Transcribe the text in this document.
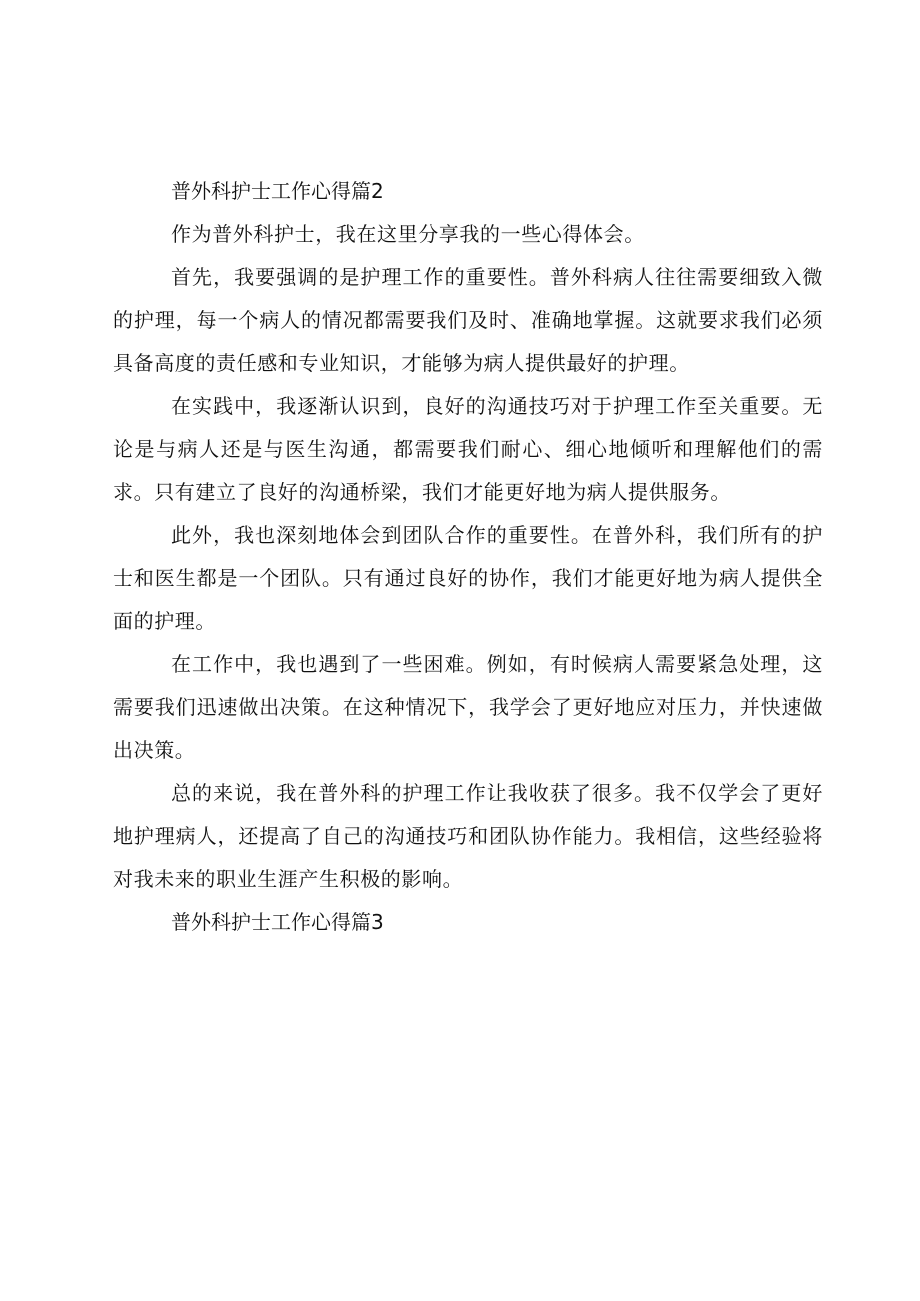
普外科护士工作心得篇2

作为普外科护士，我在这里分享我的一些心得体会。

首先，我要强调的是护理工作的重要性。普外科病人往往需要细致入微的护理，每一个病人的情况都需要我们及时、准确地掌握。这就要求我们必须具备高度的责任感和专业知识，才能够为病人提供最好的护理。

在实践中，我逐渐认识到，良好的沟通技巧对于护理工作至关重要。无论是与病人还是与医生沟通，都需要我们耐心、细心地倾听和理解他们的需求。只有建立了良好的沟通桥梁，我们才能更好地为病人提供服务。

此外，我也深刻地体会到团队合作的重要性。在普外科，我们所有的护士和医生都是一个团队。只有通过良好的协作，我们才能更好地为病人提供全面的护理。

在工作中，我也遇到了一些困难。例如，有时候病人需要紧急处理，这需要我们迅速做出决策。在这种情况下，我学会了更好地应对压力，并快速做出决策。

总的来说，我在普外科的护理工作让我收获了很多。我不仅学会了更好地护理病人，还提高了自己的沟通技巧和团队协作能力。我相信，这些经验将对我未来的职业生涯产生积极的影响。

普外科护士工作心得篇3
